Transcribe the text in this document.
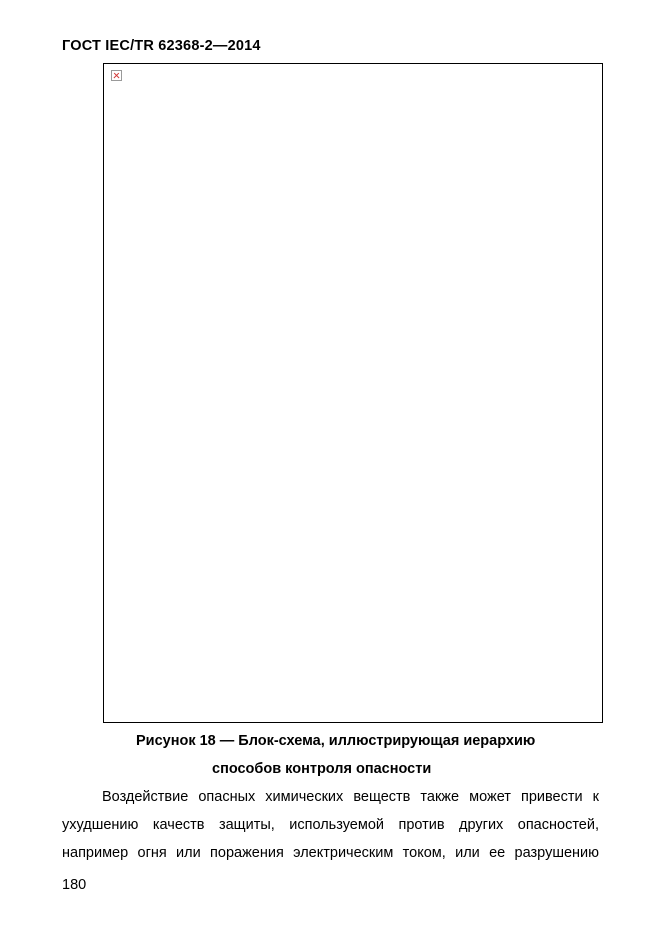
ГОСТ IEC/TR 62368-2—2014
Рисунок 18 — Блок-схема, иллюстрирующая иерархию
способов контроля опасности
Воздействие опасных химических веществ также может привести к
ухудшению качеств защиты, используемой против других опасностей,
например огня или поражения электрическим током, или ее разрушению
180
